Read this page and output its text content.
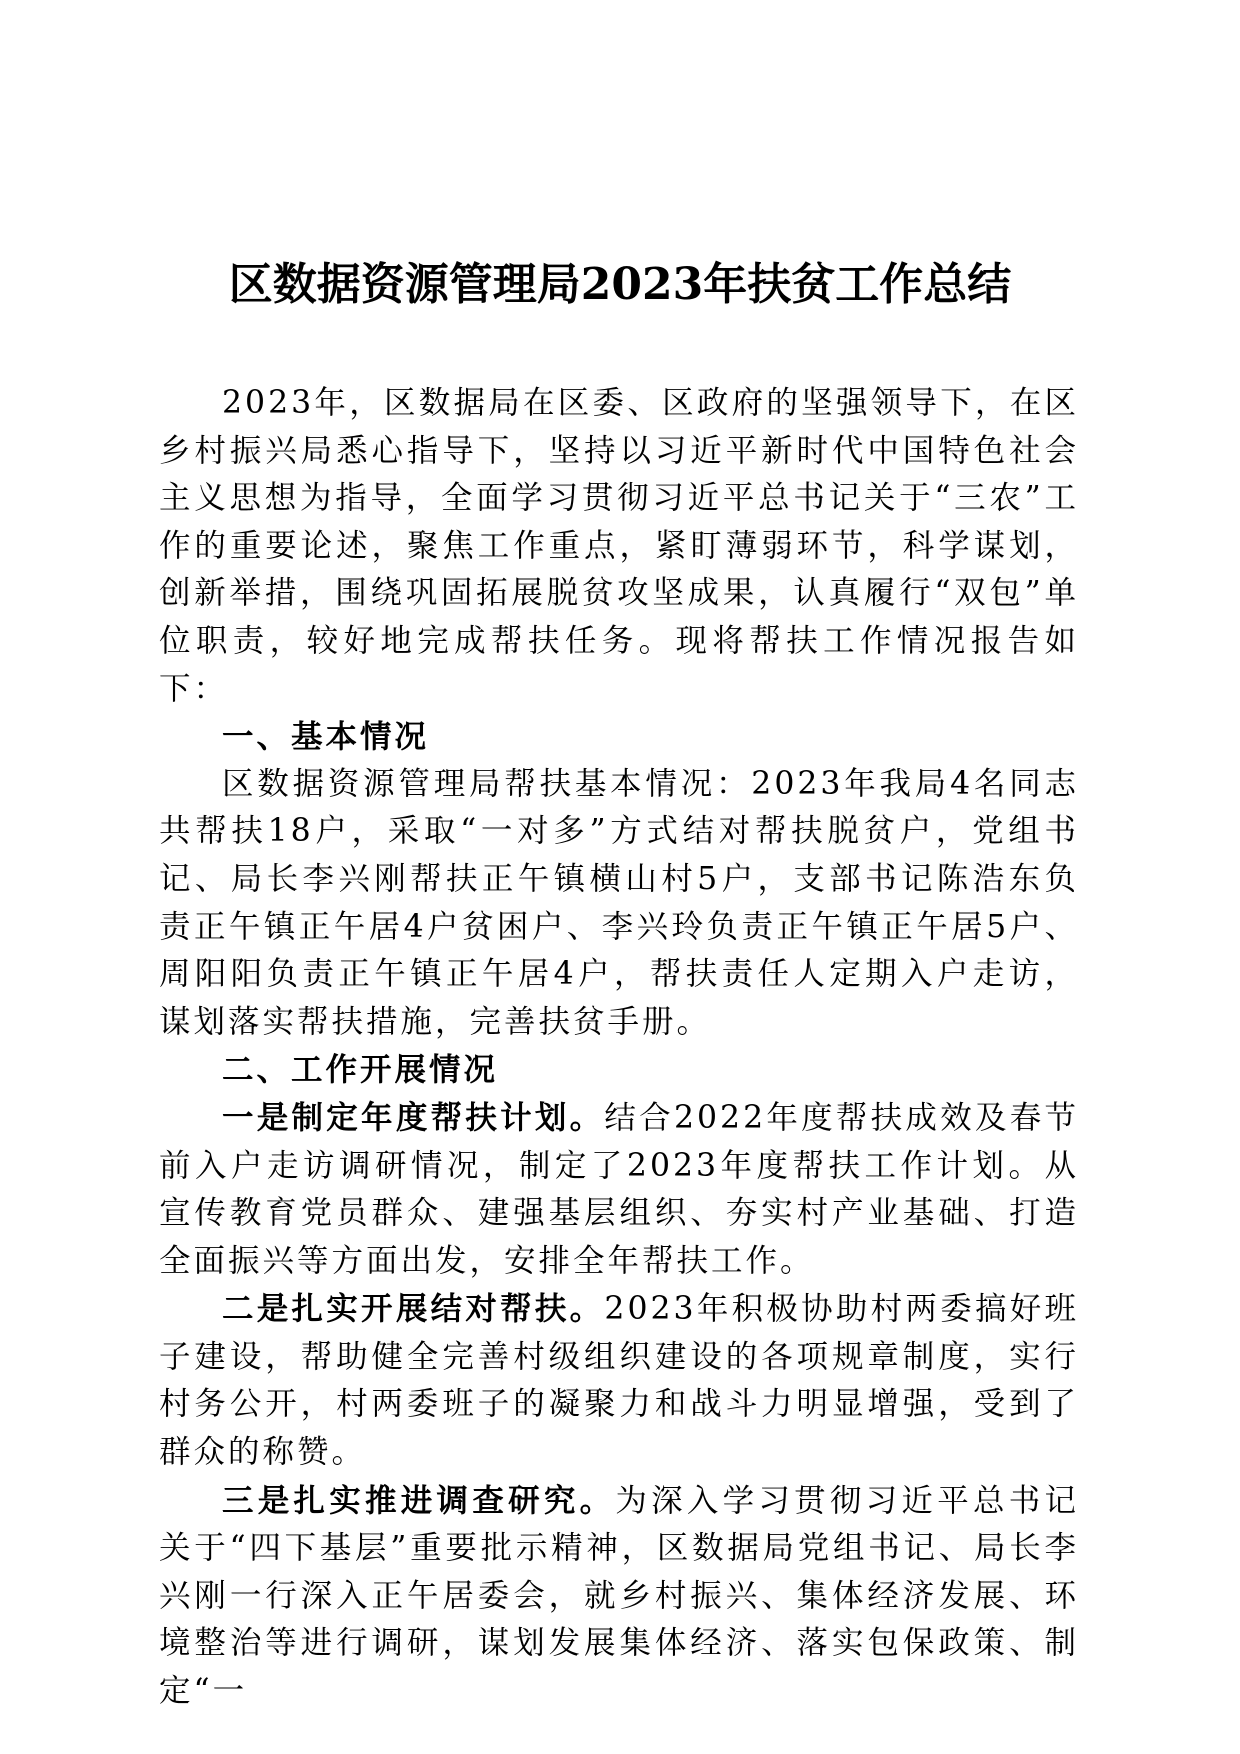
区数据资源管理局2023年扶贫工作总结

2023年，区数据局在区委、区政府的坚强领导下，在区乡村振兴局悉心指导下，坚持以习近平新时代中国特色社会主义思想为指导，全面学习贯彻习近平总书记关于“三农”工作的重要论述，聚焦工作重点，紧盯薄弱环节，科学谋划，创新举措，围绕巩固拓展脱贫攻坚成果，认真履行“双包”单位职责，较好地完成帮扶任务。现将帮扶工作情况报告如下：

一、基本情况

区数据资源管理局帮扶基本情况：2023年我局4名同志共帮扶18户，采取“一对多”方式结对帮扶脱贫户，党组书记、局长李兴刚帮扶正午镇横山村5户，支部书记陈浩东负责正午镇正午居4户贫困户、李兴玲负责正午镇正午居5户、周阳阳负责正午镇正午居4户，帮扶责任人定期入户走访，谋划落实帮扶措施，完善扶贫手册。

二、工作开展情况

一是制定年度帮扶计划。结合2022年度帮扶成效及春节前入户走访调研情况，制定了2023年度帮扶工作计划。从宣传教育党员群众、建强基层组织、夯实村产业基础、打造全面振兴等方面出发，安排全年帮扶工作。

二是扎实开展结对帮扶。2023年积极协助村两委搞好班子建设，帮助健全完善村级组织建设的各项规章制度，实行村务公开，村两委班子的凝聚力和战斗力明显增强，受到了群众的称赞。

三是扎实推进调查研究。为深入学习贯彻习近平总书记关于“四下基层”重要批示精神，区数据局党组书记、局长李兴刚一行深入正午居委会，就乡村振兴、集体经济发展、环境整治等进行调研，谋划发展集体经济、落实包保政策、制定“一
